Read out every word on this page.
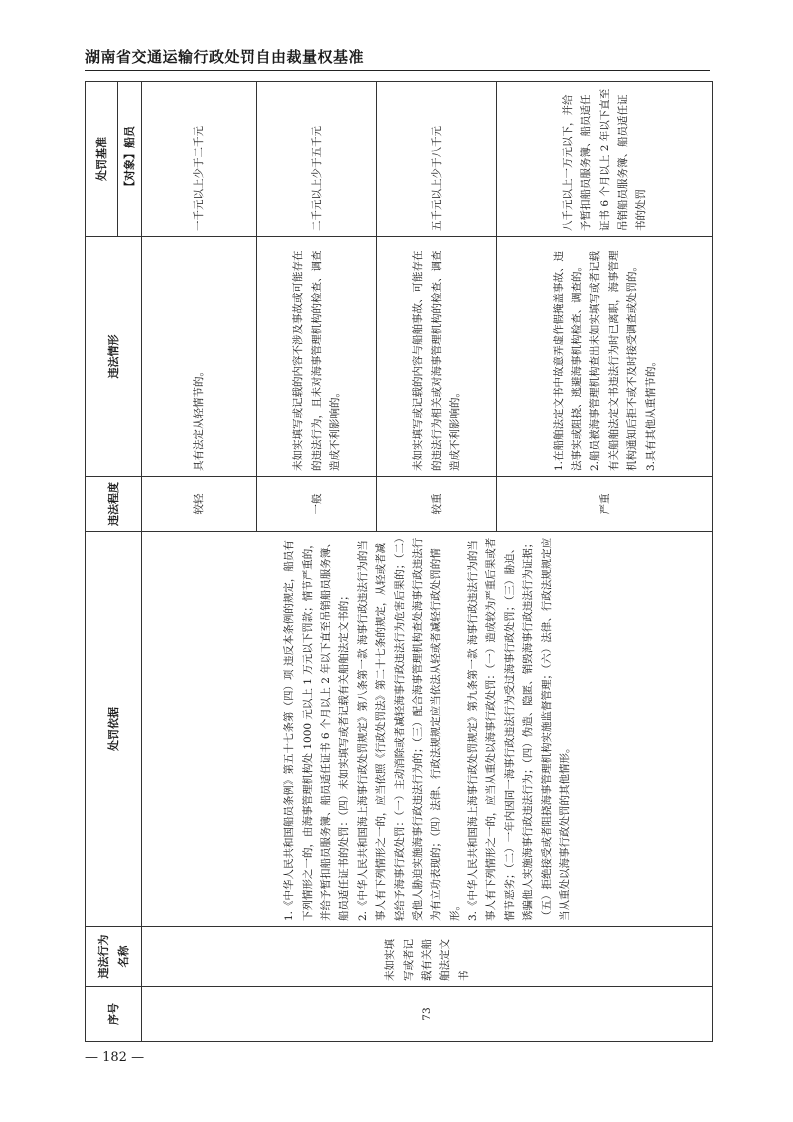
湖南省交通运输行政处罚自由裁量权基准
序号	违法行为名称	处罚依据	违法程度	违法情形	处罚基准
					【对象】船员
73	未如实填写或者记载有关船舶法定文书	1.《中华人民共和国船员条例》第五十七条第（四）项 违反本条例的规定，船员有下列情形之一的，由海事管理机构处 1000 元以上 1 万元以下罚款；情节严重的，并给予暂扣船员服务簿、船员适任证书 6 个月以上 2 年以下直至吊销船员服务簿、船员适任证书的处罚：（四）未如实填写或者记载有关船舶法定文书的； 2.《中华人民共和国海上海事行政处罚规定》第八条第一款 海事行政违法行为的当事人有下列情形之一的，应当依照《行政处罚法》第二十七条的规定，从轻或者减轻给予海事行政处罚：（一）主动消除或者减轻海事行政违法行为危害后果的；（二）受他人胁迫实施海事行政违法行为的；（三）配合海事管理机构查处海事行政违法行为有立功表现的；（四）法律、行政法规规定应当依法从轻或者减轻行政处罚的情形。 3.《中华人民共和国海上海事行政处罚规定》第九条第一款 海事行政违法行为的当事人有下列情形之一的，应当从重处以海事行政处罚：（一）造成较为严重后果或者情节恶劣；（二）一年内因同一海事行政违法行为受过海事行政处罚；（三）胁迫、诱骗他人实施海事行政违法行为；（四）伪造、隐匿、销毁海事行政违法行为证据；（五）拒绝接受或者阻挠海事管理机构实施监督管理；（六）法律、行政法规规定应当从重处以海事行政处罚的其他情形。	较轻	具有法定从轻情节的。	一千元以上少于二千元
			一般	未如实填写或记载的内容不涉及事故或可能存在的违法行为，且未对海事管理机构的检查、调查造成不利影响的。	二千元以上少于五千元
			较重	未如实填写或记载的内容与船舶事故、可能存在的违法行为相关或对海事管理机构的检查、调查造成不利影响的。	五千元以上少于八千元
			严重	1.在船舶法定文书中故意弄虚作假掩盖事故、违法事实或阻挠、逃避海事机构检查、调查的。 2.船员被海事管理机构查出未如实填写或者记载有关船舶法定文书违法行为时已离职，海事管理机构通知后拒不或不及时接受调查或处罚的。 3.具有其他从重情节的。	八千元以上一万元以下，并给予暂扣船员服务簿、船员适任证书 6 个月以上 2 年以下直至吊销船员服务簿、船员适任证书的处罚
— 182 —
